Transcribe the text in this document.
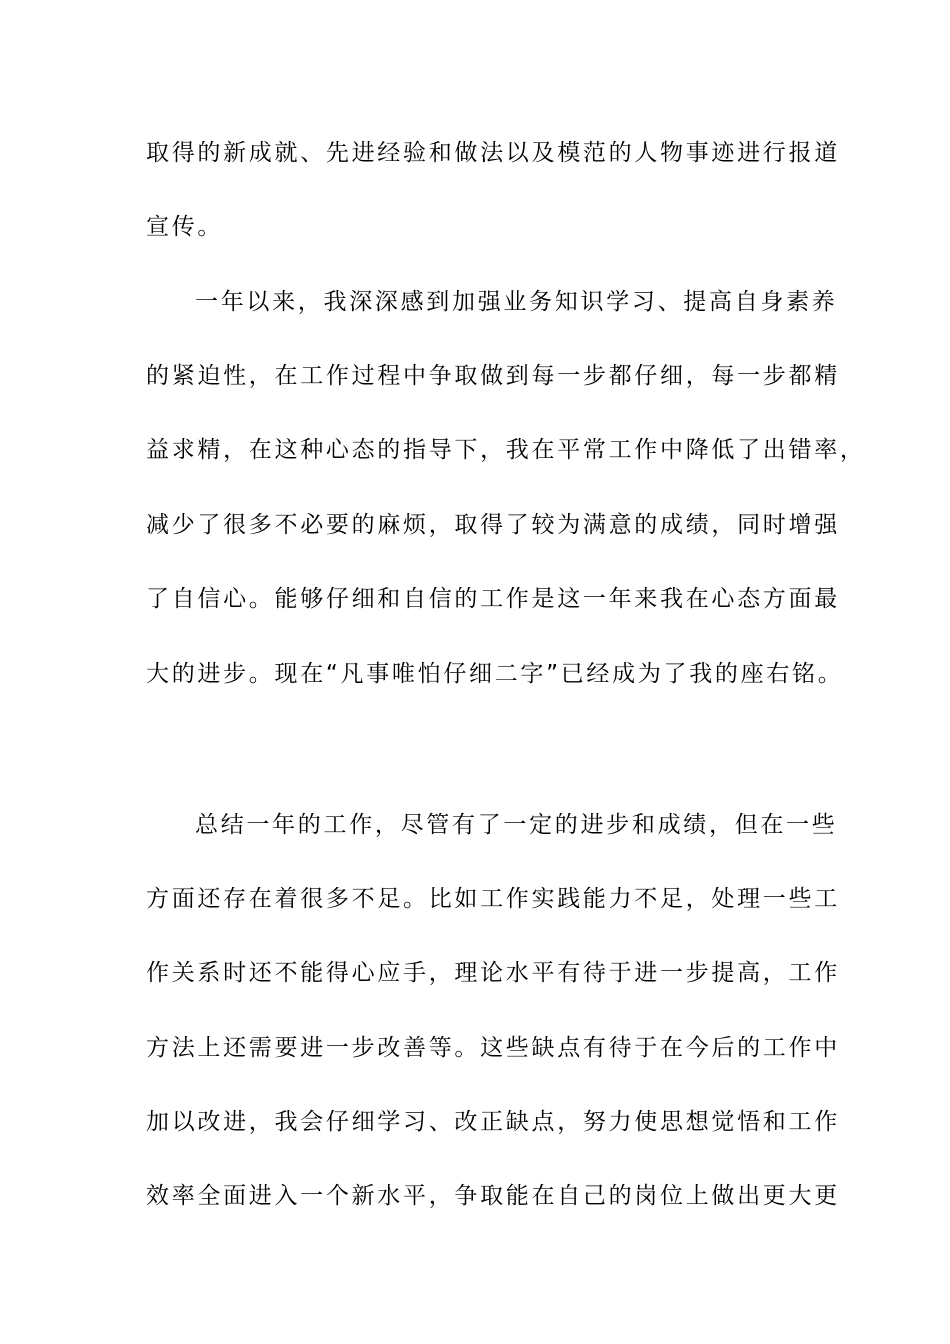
取得的新成就、先进经验和做法以及模范的人物事迹进行报道
宣传。
一年以来，我深深感到加强业务知识学习、提高自身素养
的紧迫性，在工作过程中争取做到每一步都仔细，每一步都精
益求精，在这种心态的指导下，我在平常工作中降低了出错率，
减少了很多不必要的麻烦，取得了较为满意的成绩，同时增强
了自信心。能够仔细和自信的工作是这一年来我在心态方面最
大的进步。现在“凡事唯怕仔细二字”已经成为了我的座右铭。
总结一年的工作，尽管有了一定的进步和成绩，但在一些
方面还存在着很多不足。比如工作实践能力不足，处理一些工
作关系时还不能得心应手，理论水平有待于进一步提高，工作
方法上还需要进一步改善等。这些缺点有待于在今后的工作中
加以改进，我会仔细学习、改正缺点，努力使思想觉悟和工作
效率全面进入一个新水平，争取能在自己的岗位上做出更大更
